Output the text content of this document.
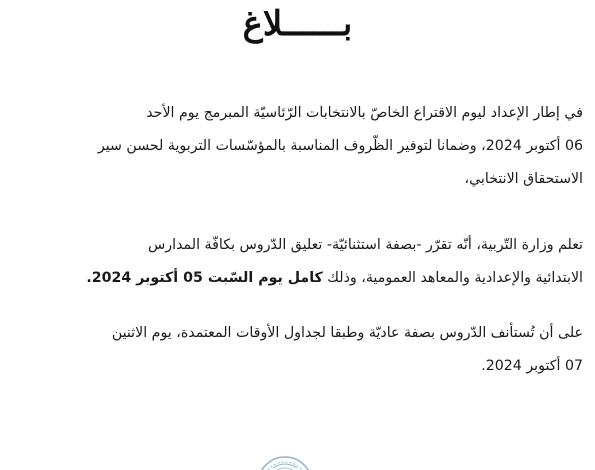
بــــــلاغ
في إطار الإعداد ليوم الاقتراع الخاصّ بالانتخابات الرّئاسيّة المبرمج يوم الأحد
06 أكتوبر 2024، وضمانا لتوفير الظّروف المناسبة بالمؤسّسات التربوية لحسن سير
الاستحقاق الانتخابي،
تعلم وزارة التّربية، أنّه تقرّر -بصفة استثنائيّة- تعليق الدّروس بكافّة المدارس
الابتدائية والإعدادية والمعاهد العمومية، وذلك كامل يوم السّبت 05 أكتوبر 2024.
على أن تُستأنف الدّروس بصفة عاديّة وطبقا لجداول الأوقات المعتمدة، يوم الاثنين
07 أكتوبر 2024.
